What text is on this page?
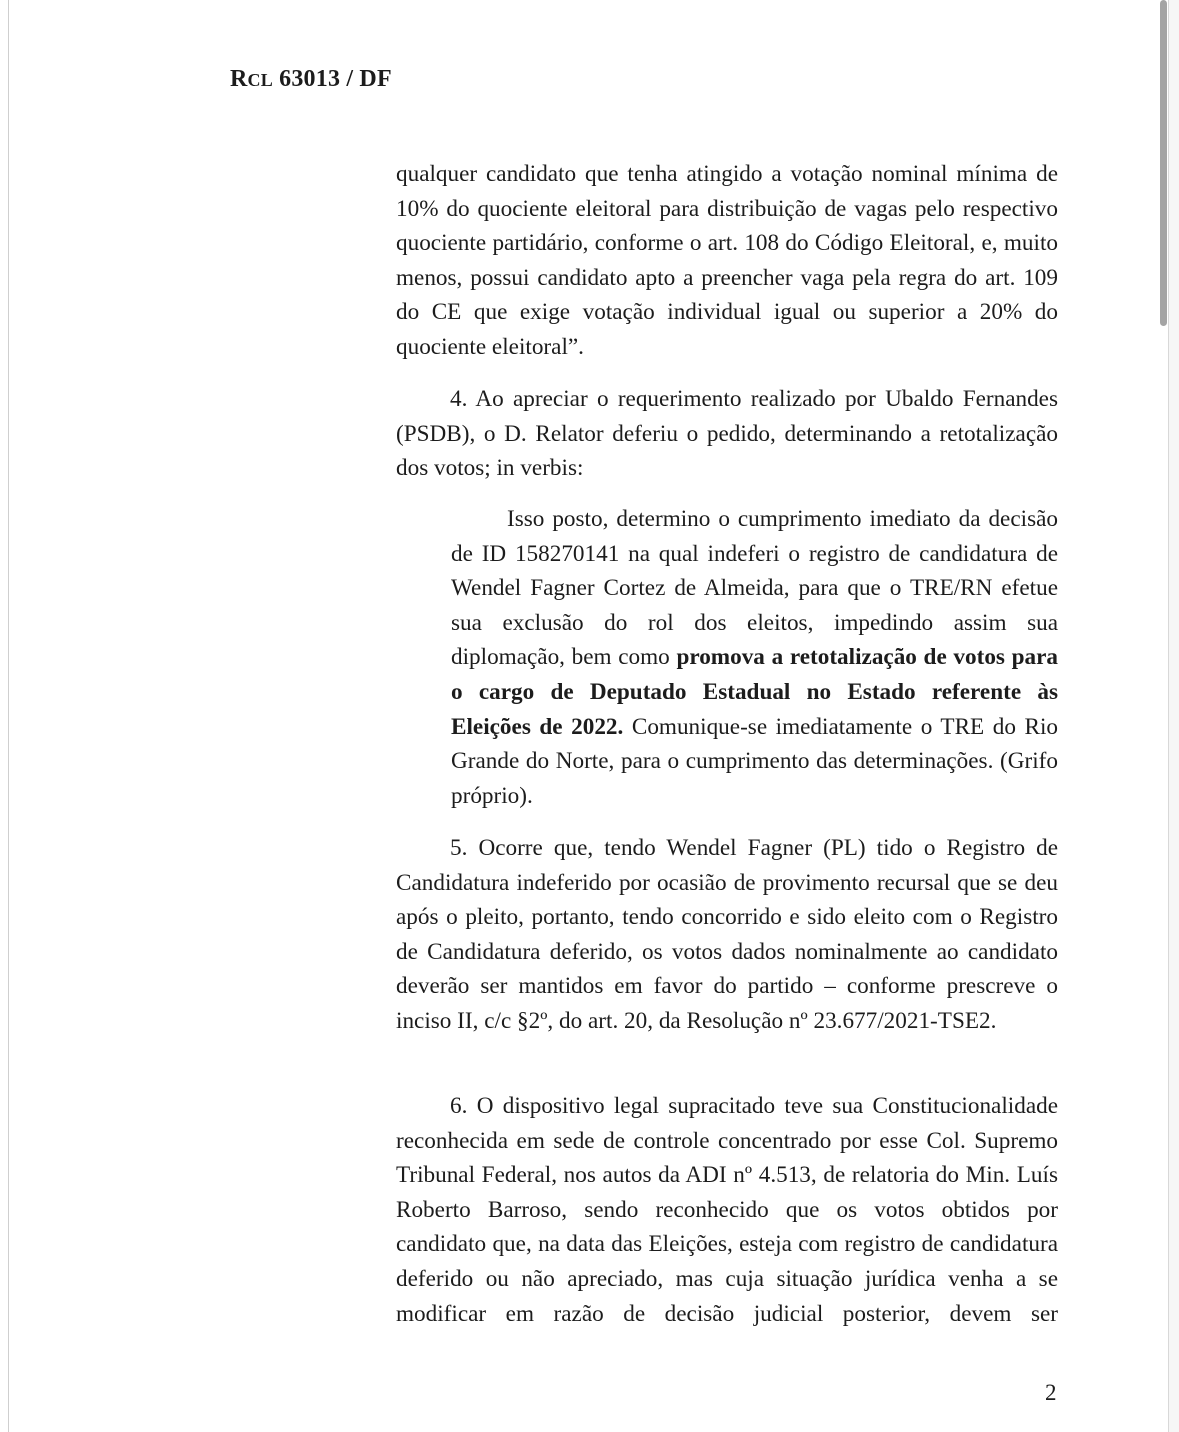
RCL 63013 / DF

qualquer candidato que tenha atingido a votação nominal mínima de 10% do quociente eleitoral para distribuição de vagas pelo respectivo quociente partidário, conforme o art. 108 do Código Eleitoral, e, muito menos, possui candidato apto a preencher vaga pela regra do art. 109 do CE que exige votação individual igual ou superior a 20% do quociente eleitoral”.

4. Ao apreciar o requerimento realizado por Ubaldo Fernandes (PSDB), o D. Relator deferiu o pedido, determinando a retotalização dos votos; in verbis:

Isso posto, determino o cumprimento imediato da decisão de ID 158270141 na qual indeferi o registro de candidatura de Wendel Fagner Cortez de Almeida, para que o TRE/RN efetue sua exclusão do rol dos eleitos, impedindo assim sua diplomação, bem como promova a retotalização de votos para o cargo de Deputado Estadual no Estado referente às Eleições de 2022. Comunique-se imediatamente o TRE do Rio Grande do Norte, para o cumprimento das determinações. (Grifo próprio).

5. Ocorre que, tendo Wendel Fagner (PL) tido o Registro de Candidatura indeferido por ocasião de provimento recursal que se deu após o pleito, portanto, tendo concorrido e sido eleito com o Registro de Candidatura deferido, os votos dados nominalmente ao candidato deverão ser mantidos em favor do partido – conforme prescreve o inciso II, c/c §2º, do art. 20, da Resolução nº 23.677/2021-TSE2.

6. O dispositivo legal supracitado teve sua Constitucionalidade reconhecida em sede de controle concentrado por esse Col. Supremo Tribunal Federal, nos autos da ADI nº 4.513, de relatoria do Min. Luís Roberto Barroso, sendo reconhecido que os votos obtidos por candidato que, na data das Eleições, esteja com registro de candidatura deferido ou não apreciado, mas cuja situação jurídica venha a se modificar em razão de decisão judicial posterior, devem ser

2
